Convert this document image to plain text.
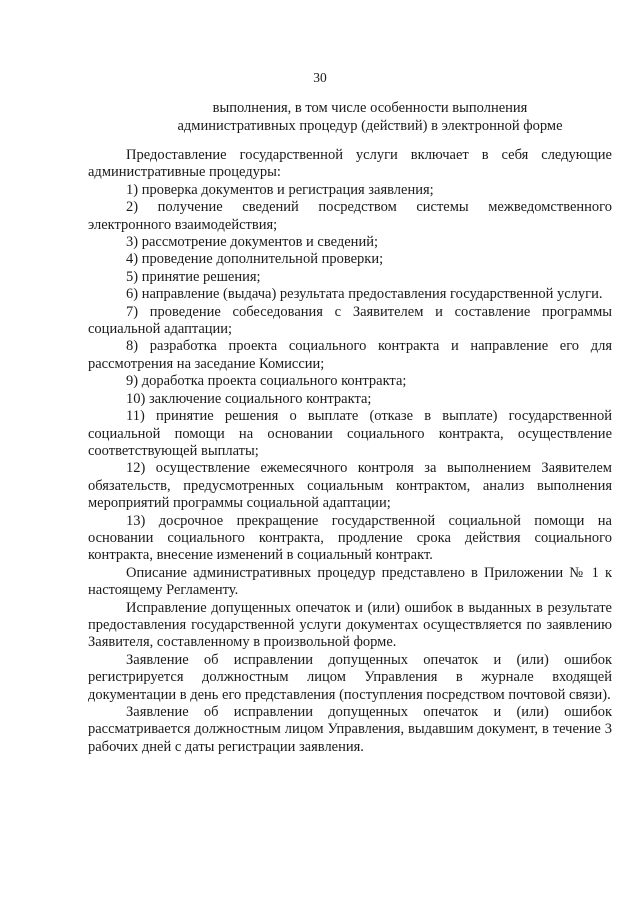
30
выполнения, в том числе особенности выполнения
административных процедур (действий) в электронной форме

Предоставление государственной услуги включает в себя следующие административные процедуры:

1) проверка документов и регистрация заявления;

2) получение сведений посредством системы межведомственного электронного взаимодействия;

3) рассмотрение документов и сведений;

4) проведение дополнительной проверки;

5) принятие решения;

6) направление (выдача) результата предоставления государственной услуги.

7) проведение собеседования с Заявителем и составление программы социальной адаптации;

8) разработка проекта социального контракта и направление его для рассмотрения на заседание Комиссии;

9) доработка проекта социального контракта;

10) заключение социального контракта;

11) принятие решения о выплате (отказе в выплате) государственной социальной помощи на основании социального контракта, осуществление соответствующей выплаты;

12) осуществление ежемесячного контроля за выполнением Заявителем обязательств, предусмотренных социальным контрактом, анализ выполнения мероприятий программы социальной адаптации;

13) досрочное прекращение государственной социальной помощи на основании социального контракта, продление срока действия социального контракта, внесение изменений в социальный контракт.

Описание административных процедур представлено в Приложении № 1 к настоящему Регламенту.

Исправление допущенных опечаток и (или) ошибок в выданных в результате предоставления государственной услуги документах осуществляется по заявлению Заявителя, составленному в произвольной форме.

Заявление об исправлении допущенных опечаток и (или) ошибок регистрируется должностным лицом Управления в журнале входящей документации в день его представления (поступления посредством почтовой связи).

Заявление об исправлении допущенных опечаток и (или) ошибок рассматривается должностным лицом Управления, выдавшим документ, в течение 3 рабочих дней с даты регистрации заявления.
